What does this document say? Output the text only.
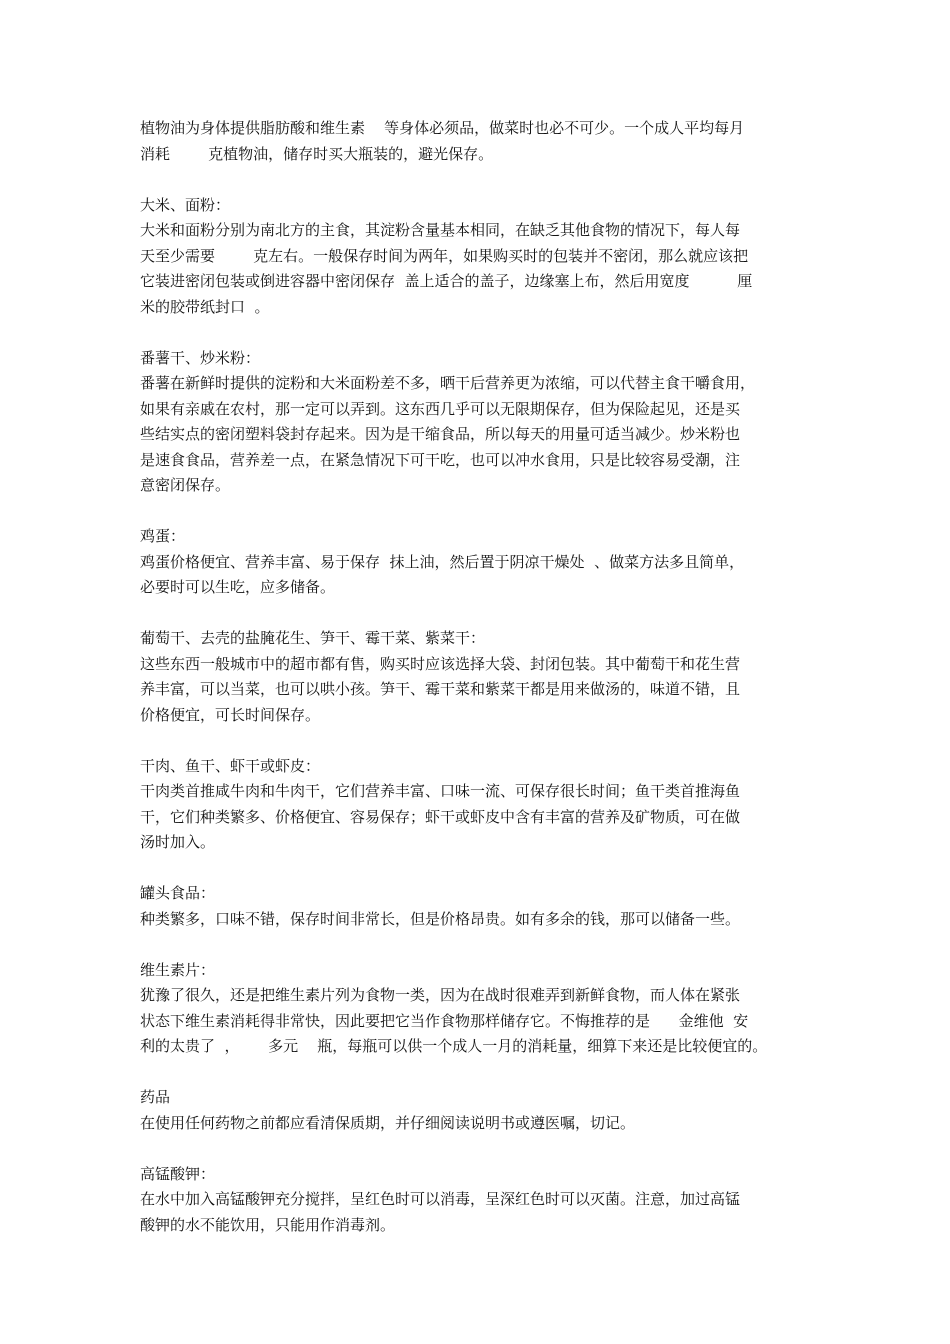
植物油为身体提供脂肪酸和维生素    等身体必须品，做菜时也必不可少。一个成人平均每月
消耗        克植物油，储存时买大瓶装的，避光保存。
大米、面粉：
大米和面粉分别为南北方的主食，其淀粉含量基本相同，在缺乏其他食物的情况下，每人每
天至少需要        克左右。一般保存时间为两年，如果购买时的包装并不密闭，那么就应该把
它装进密闭包装或倒进容器中密闭保存  盖上适合的盖子，边缘塞上布，然后用宽度          厘
米的胶带纸封口  。
番薯干、炒米粉：
番薯在新鲜时提供的淀粉和大米面粉差不多，晒干后营养更为浓缩，可以代替主食干嚼食用，
如果有亲戚在农村，那一定可以弄到。这东西几乎可以无限期保存，但为保险起见，还是买
些结实点的密闭塑料袋封存起来。因为是干缩食品，所以每天的用量可适当减少。炒米粉也
是速食食品，营养差一点，在紧急情况下可干吃，也可以冲水食用，只是比较容易受潮，注
意密闭保存。
鸡蛋：
鸡蛋价格便宜、营养丰富、易于保存  抹上油，然后置于阴凉干燥处  、做菜方法多且简单，
必要时可以生吃，应多储备。
葡萄干、去壳的盐腌花生、笋干、霉干菜、紫菜干：
这些东西一般城市中的超市都有售，购买时应该选择大袋、封闭包装。其中葡萄干和花生营
养丰富，可以当菜，也可以哄小孩。笋干、霉干菜和紫菜干都是用来做汤的，味道不错，且
价格便宜，可长时间保存。
干肉、鱼干、虾干或虾皮：
干肉类首推咸牛肉和牛肉干，它们营养丰富、口味一流、可保存很长时间；鱼干类首推海鱼
干，它们种类繁多、价格便宜、容易保存；虾干或虾皮中含有丰富的营养及矿物质，可在做
汤时加入。
罐头食品：
种类繁多，口味不错，保存时间非常长，但是价格昂贵。如有多余的钱，那可以储备一些。
维生素片：
犹豫了很久，还是把维生素片列为食物一类，因为在战时很难弄到新鲜食物，而人体在紧张
状态下维生素消耗得非常快，因此要把它当作食物那样储存它。不悔推荐的是      金维他  安
利的太贵了  ，      多元    瓶，每瓶可以供一个成人一月的消耗量，细算下来还是比较便宜的。
药品
在使用任何药物之前都应看清保质期，并仔细阅读说明书或遵医嘱，切记。
高锰酸钾：
在水中加入高锰酸钾充分搅拌，呈红色时可以消毒，呈深红色时可以灭菌。注意，加过高锰
酸钾的水不能饮用，只能用作消毒剂。
